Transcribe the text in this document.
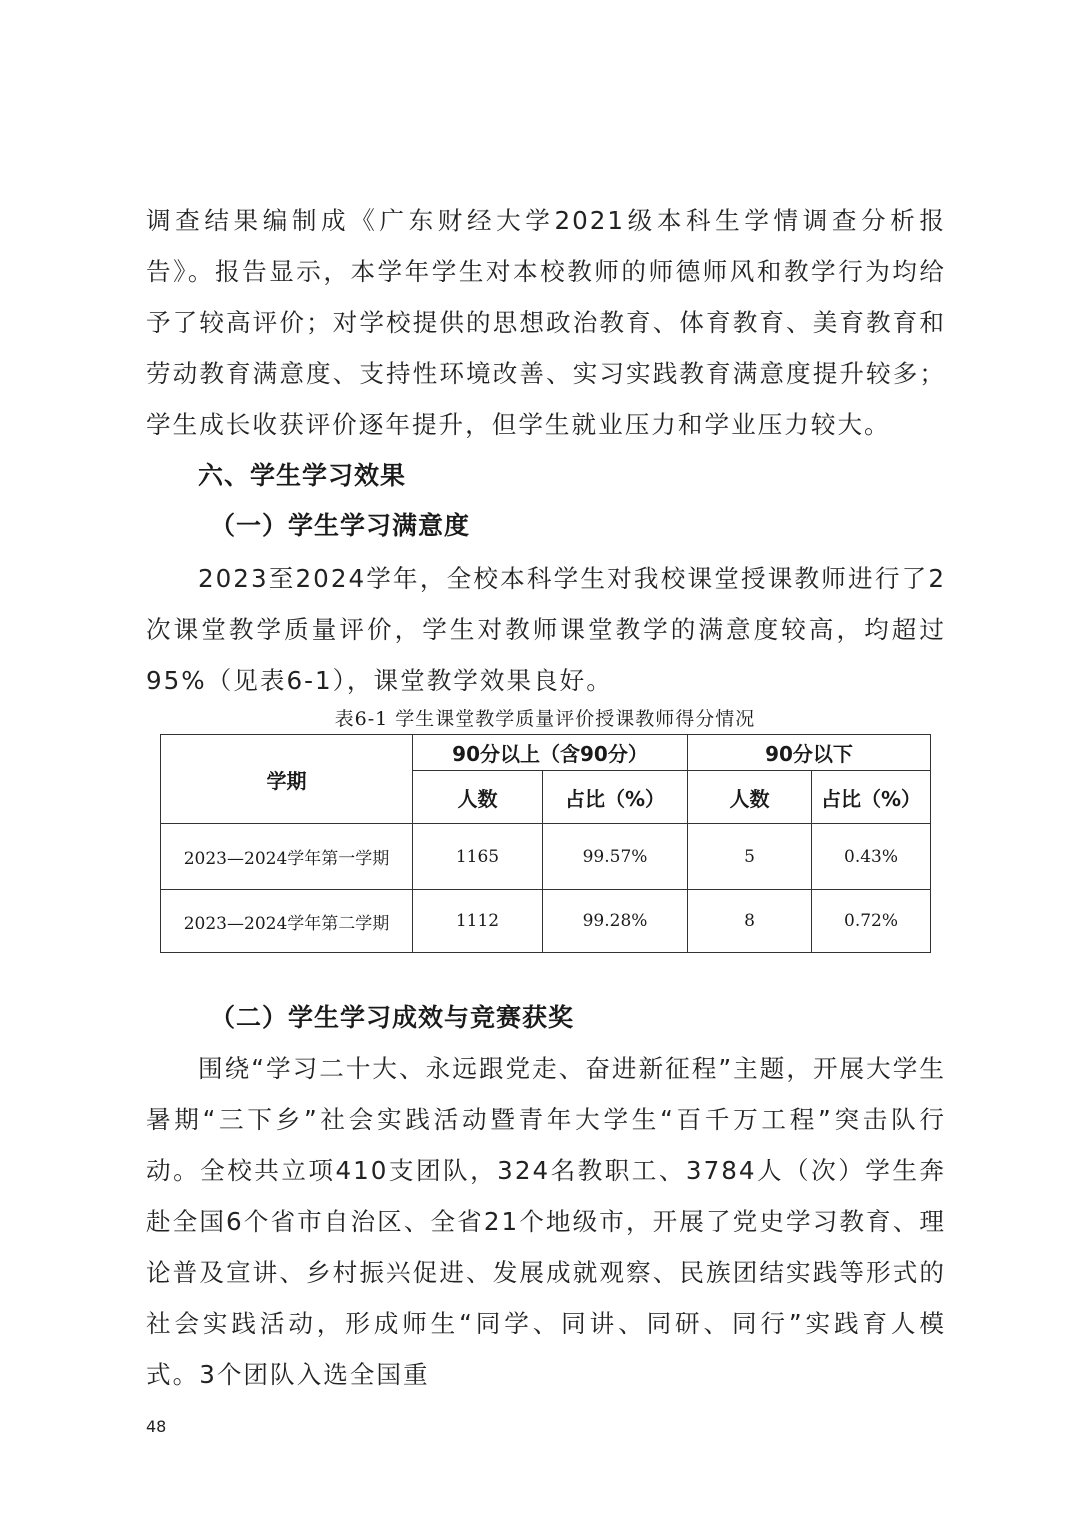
调查结果编制成《广东财经大学2021级本科生学情调查分析报告》。报告显示，本学年学生对本校教师的师德师风和教学行为均给予了较高评价；对学校提供的思想政治教育、体育教育、美育教育和劳动教育满意度、支持性环境改善、实习实践教育满意度提升较多；学生成长收获评价逐年提升，但学生就业压力和学业压力较大。

六、学生学习效果
（一）学生学习满意度

2023至2024学年，全校本科学生对我校课堂授课教师进行了2次课堂教学质量评价，学生对教师课堂教学的满意度较高，均超过95%（见表6-1），课堂教学效果良好。

表6-1 学生课堂教学质量评价授课教师得分情况
学期	90分以上（含90分）		90分以下	
	人数	占比（%）	人数	占比（%）
2023—2024学年第一学期	1165	99.57%	5	0.43%
2023—2024学年第二学期	1112	99.28%	8	0.72%
（二）学生学习成效与竞赛获奖

围绕“学习二十大、永远跟党走、奋进新征程”主题，开展大学生暑期“三下乡”社会实践活动暨青年大学生“百千万工程”突击队行动。全校共立项410支团队，324名教职工、3784人（次）学生奔赴全国6个省市自治区、全省21个地级市，开展了党史学习教育、理论普及宣讲、乡村振兴促进、发展成就观察、民族团结实践等形式的社会实践活动，形成师生“同学、同讲、同研、同行”实践育人模式。3个团队入选全国重

48
